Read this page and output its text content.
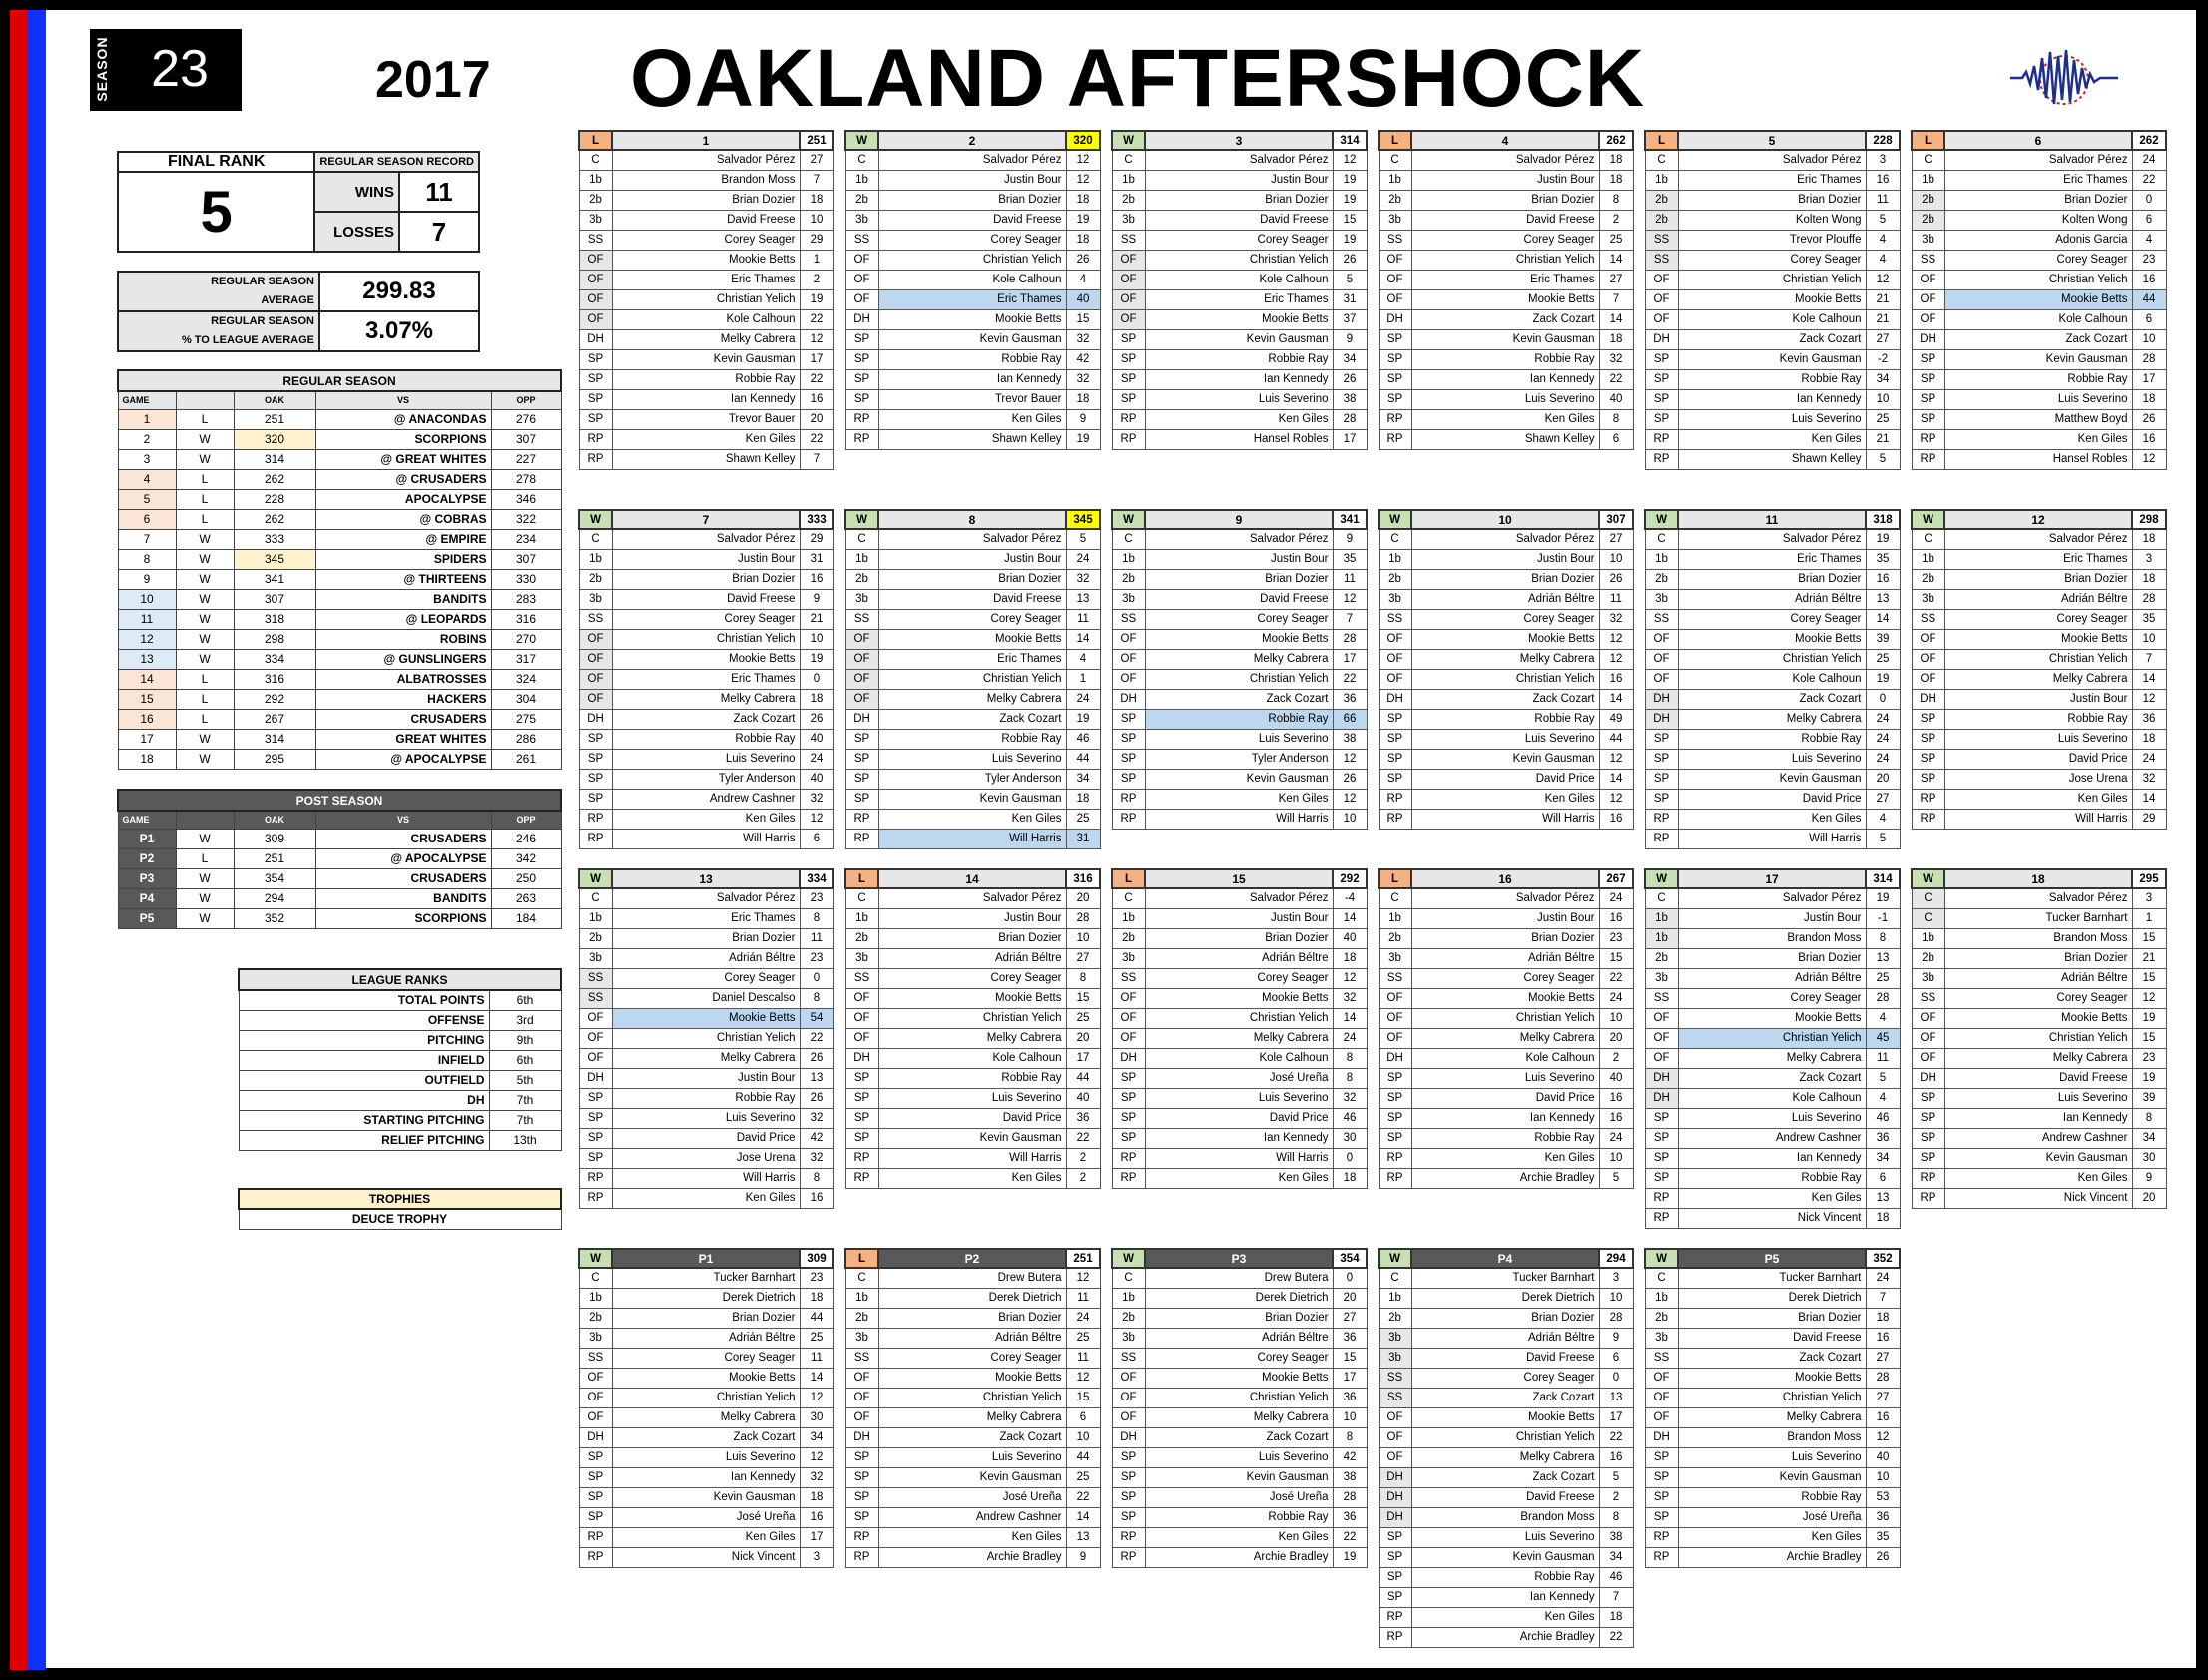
SEASON 23	2017 OAKLAND AFTERSHOCK
FINAL RANK	REGULAR SEASON RECORD	
5	WINS	11
	LOSSES	7
REGULAR SEASON
AVERAGE	299.83
REGULAR SEASON
% TO LEAGUE AVERAGE	3.07%
REGULAR SEASON				
GAME		OAK	VS	OPP
1	L	251	@ ANACONDAS	276
2	W	320	SCORPIONS	307
3	W	314	@ GREAT WHITES	227
4	L	262	@ CRUSADERS	278
5	L	228	APOCALYPSE	346
6	L	262	@ COBRAS	322
7	W	333	@ EMPIRE	234
8	W	345	SPIDERS	307
9	W	341	@ THIRTEENS	330
10	W	307	BANDITS	283
11	W	318	@ LEOPARDS	316
12	W	298	ROBINS	270
13	W	334	@ GUNSLINGERS	317
14	L	316	ALBATROSSES	324
15	L	292	HACKERS	304
16	L	267	CRUSADERS	275
17	W	314	GREAT WHITES	286
18	W	295	@ APOCALYPSE	261
POST SEASON				
GAME		OAK	VS	OPP
P1	W	309	CRUSADERS	246
P2	L	251	@ APOCALYPSE	342
P3	W	354	CRUSADERS	250
P4	W	294	BANDITS	263
P5	W	352	SCORPIONS	184
LEAGUE RANKS	
TOTAL POINTS	6th
OFFENSE	3rd
PITCHING	9th
INFIELD	6th
OUTFIELD	5th
DH	7th
STARTING PITCHING	7th
RELIEF PITCHING	13th
TROPHIES
DEUCE TROPHY
L	1	251
C	Salvador Pérez	27
1b	Brandon Moss	7
2b	Brian Dozier	18
3b	David Freese	10
SS	Corey Seager	29
OF	Mookie Betts	1
OF	Eric Thames	2
OF	Christian Yelich	19
OF	Kole Calhoun	22
DH	Melky Cabrera	12
SP	Kevin Gausman	17
SP	Robbie Ray	22
SP	Ian Kennedy	16
SP	Trevor Bauer	20
RP	Ken Giles	22
RP	Shawn Kelley	7
W	2	320
C	Salvador Pérez	12
1b	Justin Bour	12
2b	Brian Dozier	18
3b	David Freese	19
SS	Corey Seager	18
OF	Christian Yelich	26
OF	Kole Calhoun	4
OF	Eric Thames	40
DH	Mookie Betts	15
SP	Kevin Gausman	32
SP	Robbie Ray	42
SP	Ian Kennedy	32
SP	Trevor Bauer	18
RP	Ken Giles	9
RP	Shawn Kelley	19
W	3	314
C	Salvador Pérez	12
1b	Justin Bour	19
2b	Brian Dozier	19
3b	David Freese	15
SS	Corey Seager	19
OF	Christian Yelich	26
OF	Kole Calhoun	5
OF	Eric Thames	31
OF	Mookie Betts	37
SP	Kevin Gausman	9
SP	Robbie Ray	34
SP	Ian Kennedy	26
SP	Luis Severino	38
RP	Ken Giles	28
RP	Hansel Robles	17
L	4	262
C	Salvador Pérez	18
1b	Justin Bour	18
2b	Brian Dozier	8
3b	David Freese	2
SS	Corey Seager	25
OF	Christian Yelich	14
OF	Eric Thames	27
OF	Mookie Betts	7
DH	Zack Cozart	14
SP	Kevin Gausman	18
SP	Robbie Ray	32
SP	Ian Kennedy	22
SP	Luis Severino	40
RP	Ken Giles	8
RP	Shawn Kelley	6
L	5	228
C	Salvador Pérez	3
1b	Eric Thames	16
2b	Brian Dozier	11
2b	Kolten Wong	5
SS	Trevor Plouffe	4
SS	Corey Seager	4
OF	Christian Yelich	12
OF	Mookie Betts	21
OF	Kole Calhoun	21
DH	Zack Cozart	27
SP	Kevin Gausman	-2
SP	Robbie Ray	34
SP	Ian Kennedy	10
SP	Luis Severino	25
RP	Ken Giles	21
RP	Shawn Kelley	5
L	6	262
C	Salvador Pérez	24
1b	Eric Thames	22
2b	Brian Dozier	0
2b	Kolten Wong	6
3b	Adonis Garcia	4
SS	Corey Seager	23
OF	Christian Yelich	16
OF	Mookie Betts	44
OF	Kole Calhoun	6
DH	Zack Cozart	10
SP	Kevin Gausman	28
SP	Robbie Ray	17
SP	Luis Severino	18
SP	Matthew Boyd	26
RP	Ken Giles	16
RP	Hansel Robles	12
W	7	333
C	Salvador Pérez	29
1b	Justin Bour	31
2b	Brian Dozier	16
3b	David Freese	9
SS	Corey Seager	21
OF	Christian Yelich	10
OF	Mookie Betts	19
OF	Eric Thames	0
OF	Melky Cabrera	18
DH	Zack Cozart	26
SP	Robbie Ray	40
SP	Luis Severino	24
SP	Tyler Anderson	40
SP	Andrew Cashner	32
RP	Ken Giles	12
RP	Will Harris	6
W	8	345
C	Salvador Pérez	5
1b	Justin Bour	24
2b	Brian Dozier	32
3b	David Freese	13
SS	Corey Seager	11
OF	Mookie Betts	14
OF	Eric Thames	4
OF	Christian Yelich	1
OF	Melky Cabrera	24
DH	Zack Cozart	19
SP	Robbie Ray	46
SP	Luis Severino	44
SP	Tyler Anderson	34
SP	Kevin Gausman	18
RP	Ken Giles	25
RP	Will Harris	31
W	9	341
C	Salvador Pérez	9
1b	Justin Bour	35
2b	Brian Dozier	11
3b	David Freese	12
SS	Corey Seager	7
OF	Mookie Betts	28
OF	Melky Cabrera	17
OF	Christian Yelich	22
DH	Zack Cozart	36
SP	Robbie Ray	66
SP	Luis Severino	38
SP	Tyler Anderson	12
SP	Kevin Gausman	26
RP	Ken Giles	12
RP	Will Harris	10
W	10	307
C	Salvador Pérez	27
1b	Justin Bour	10
2b	Brian Dozier	26
3b	Adrián Béltre	11
SS	Corey Seager	32
OF	Mookie Betts	12
OF	Melky Cabrera	12
OF	Christian Yelich	16
DH	Zack Cozart	14
SP	Robbie Ray	49
SP	Luis Severino	44
SP	Kevin Gausman	12
SP	David Price	14
RP	Ken Giles	12
RP	Will Harris	16
W	11	318
C	Salvador Pérez	19
1b	Eric Thames	35
2b	Brian Dozier	16
3b	Adrián Béltre	13
SS	Corey Seager	14
OF	Mookie Betts	39
OF	Christian Yelich	25
OF	Kole Calhoun	19
DH	Zack Cozart	0
DH	Melky Cabrera	24
SP	Robbie Ray	24
SP	Luis Severino	24
SP	Kevin Gausman	20
SP	David Price	27
RP	Ken Giles	4
RP	Will Harris	5
W	12	298
C	Salvador Pérez	18
1b	Eric Thames	3
2b	Brian Dozier	18
3b	Adrián Béltre	28
SS	Corey Seager	35
OF	Mookie Betts	10
OF	Christian Yelich	7
OF	Melky Cabrera	14
DH	Justin Bour	12
SP	Robbie Ray	36
SP	Luis Severino	18
SP	David Price	24
SP	Jose Urena	32
RP	Ken Giles	14
RP	Will Harris	29
W	13	334
C	Salvador Pérez	23
1b	Eric Thames	8
2b	Brian Dozier	11
3b	Adrián Béltre	23
SS	Corey Seager	0
SS	Daniel Descalso	8
OF	Mookie Betts	54
OF	Christian Yelich	22
OF	Melky Cabrera	26
DH	Justin Bour	13
SP	Robbie Ray	26
SP	Luis Severino	32
SP	David Price	42
SP	Jose Urena	32
RP	Will Harris	8
RP	Ken Giles	16
L	14	316
C	Salvador Pérez	20
1b	Justin Bour	28
2b	Brian Dozier	10
3b	Adrián Béltre	27
SS	Corey Seager	8
OF	Mookie Betts	15
OF	Christian Yelich	25
OF	Melky Cabrera	20
DH	Kole Calhoun	17
SP	Robbie Ray	44
SP	Luis Severino	40
SP	David Price	36
SP	Kevin Gausman	22
RP	Will Harris	2
RP	Ken Giles	2
L	15	292
C	Salvador Pérez	-4
1b	Justin Bour	14
2b	Brian Dozier	40
3b	Adrián Béltre	18
SS	Corey Seager	12
OF	Mookie Betts	32
OF	Christian Yelich	14
OF	Melky Cabrera	24
DH	Kole Calhoun	8
SP	José Ureña	8
SP	Luis Severino	32
SP	David Price	46
SP	Ian Kennedy	30
RP	Will Harris	0
RP	Ken Giles	18
L	16	267
C	Salvador Pérez	24
1b	Justin Bour	16
2b	Brian Dozier	23
3b	Adrián Béltre	15
SS	Corey Seager	22
OF	Mookie Betts	24
OF	Christian Yelich	10
OF	Melky Cabrera	20
DH	Kole Calhoun	2
SP	Luis Severino	40
SP	David Price	16
SP	Ian Kennedy	16
SP	Robbie Ray	24
RP	Ken Giles	10
RP	Archie Bradley	5
W	17	314
C	Salvador Pérez	19
1b	Justin Bour	-1
1b	Brandon Moss	8
2b	Brian Dozier	13
3b	Adrián Béltre	25
SS	Corey Seager	28
OF	Mookie Betts	4
OF	Christian Yelich	45
OF	Melky Cabrera	11
DH	Zack Cozart	5
DH	Kole Calhoun	4
SP	Luis Severino	46
SP	Andrew Cashner	36
SP	Ian Kennedy	34
SP	Robbie Ray	6
RP	Ken Giles	13
RP	Nick Vincent	18
W	18	295
C	Salvador Pérez	3
C	Tucker Barnhart	1
1b	Brandon Moss	15
2b	Brian Dozier	21
3b	Adrián Béltre	15
SS	Corey Seager	12
OF	Mookie Betts	19
OF	Christian Yelich	15
OF	Melky Cabrera	23
DH	David Freese	19
SP	Luis Severino	39
SP	Ian Kennedy	8
SP	Andrew Cashner	34
SP	Kevin Gausman	30
RP	Ken Giles	9
RP	Nick Vincent	20
W	P1	309
C	Tucker Barnhart	23
1b	Derek Dietrich	18
2b	Brian Dozier	44
3b	Adrián Béltre	25
SS	Corey Seager	11
OF	Mookie Betts	14
OF	Christian Yelich	12
OF	Melky Cabrera	30
DH	Zack Cozart	34
SP	Luis Severino	12
SP	Ian Kennedy	32
SP	Kevin Gausman	18
SP	José Ureña	16
RP	Ken Giles	17
RP	Nick Vincent	3
L	P2	251
C	Drew Butera	12
1b	Derek Dietrich	11
2b	Brian Dozier	24
3b	Adrián Béltre	25
SS	Corey Seager	11
OF	Mookie Betts	12
OF	Christian Yelich	15
OF	Melky Cabrera	6
DH	Zack Cozart	10
SP	Luis Severino	44
SP	Kevin Gausman	25
SP	José Ureña	22
SP	Andrew Cashner	14
RP	Ken Giles	13
RP	Archie Bradley	9
W	P3	354
C	Drew Butera	0
1b	Derek Dietrich	20
2b	Brian Dozier	27
3b	Adrián Béltre	36
SS	Corey Seager	15
OF	Mookie Betts	17
OF	Christian Yelich	36
OF	Melky Cabrera	10
DH	Zack Cozart	8
SP	Luis Severino	42
SP	Kevin Gausman	38
SP	José Ureña	28
SP	Robbie Ray	36
RP	Ken Giles	22
RP	Archie Bradley	19
W	P4	294
C	Tucker Barnhart	3
1b	Derek Dietrich	10
2b	Brian Dozier	28
3b	Adrián Béltre	9
3b	David Freese	6
SS	Corey Seager	0
SS	Zack Cozart	13
OF	Mookie Betts	17
OF	Christian Yelich	22
OF	Melky Cabrera	16
DH	Zack Cozart	5
DH	David Freese	2
DH	Brandon Moss	8
SP	Luis Severino	38
SP	Kevin Gausman	34
SP	Robbie Ray	46
SP	Ian Kennedy	7
RP	Ken Giles	18
RP	Archie Bradley	22
W	P5	352
C	Tucker Barnhart	24
1b	Derek Dietrich	7
2b	Brian Dozier	18
3b	David Freese	16
SS	Zack Cozart	27
OF	Mookie Betts	28
OF	Christian Yelich	27
OF	Melky Cabrera	16
DH	Brandon Moss	12
SP	Luis Severino	40
SP	Kevin Gausman	10
SP	Robbie Ray	53
SP	José Ureña	36
RP	Ken Giles	35
RP	Archie Bradley	26
